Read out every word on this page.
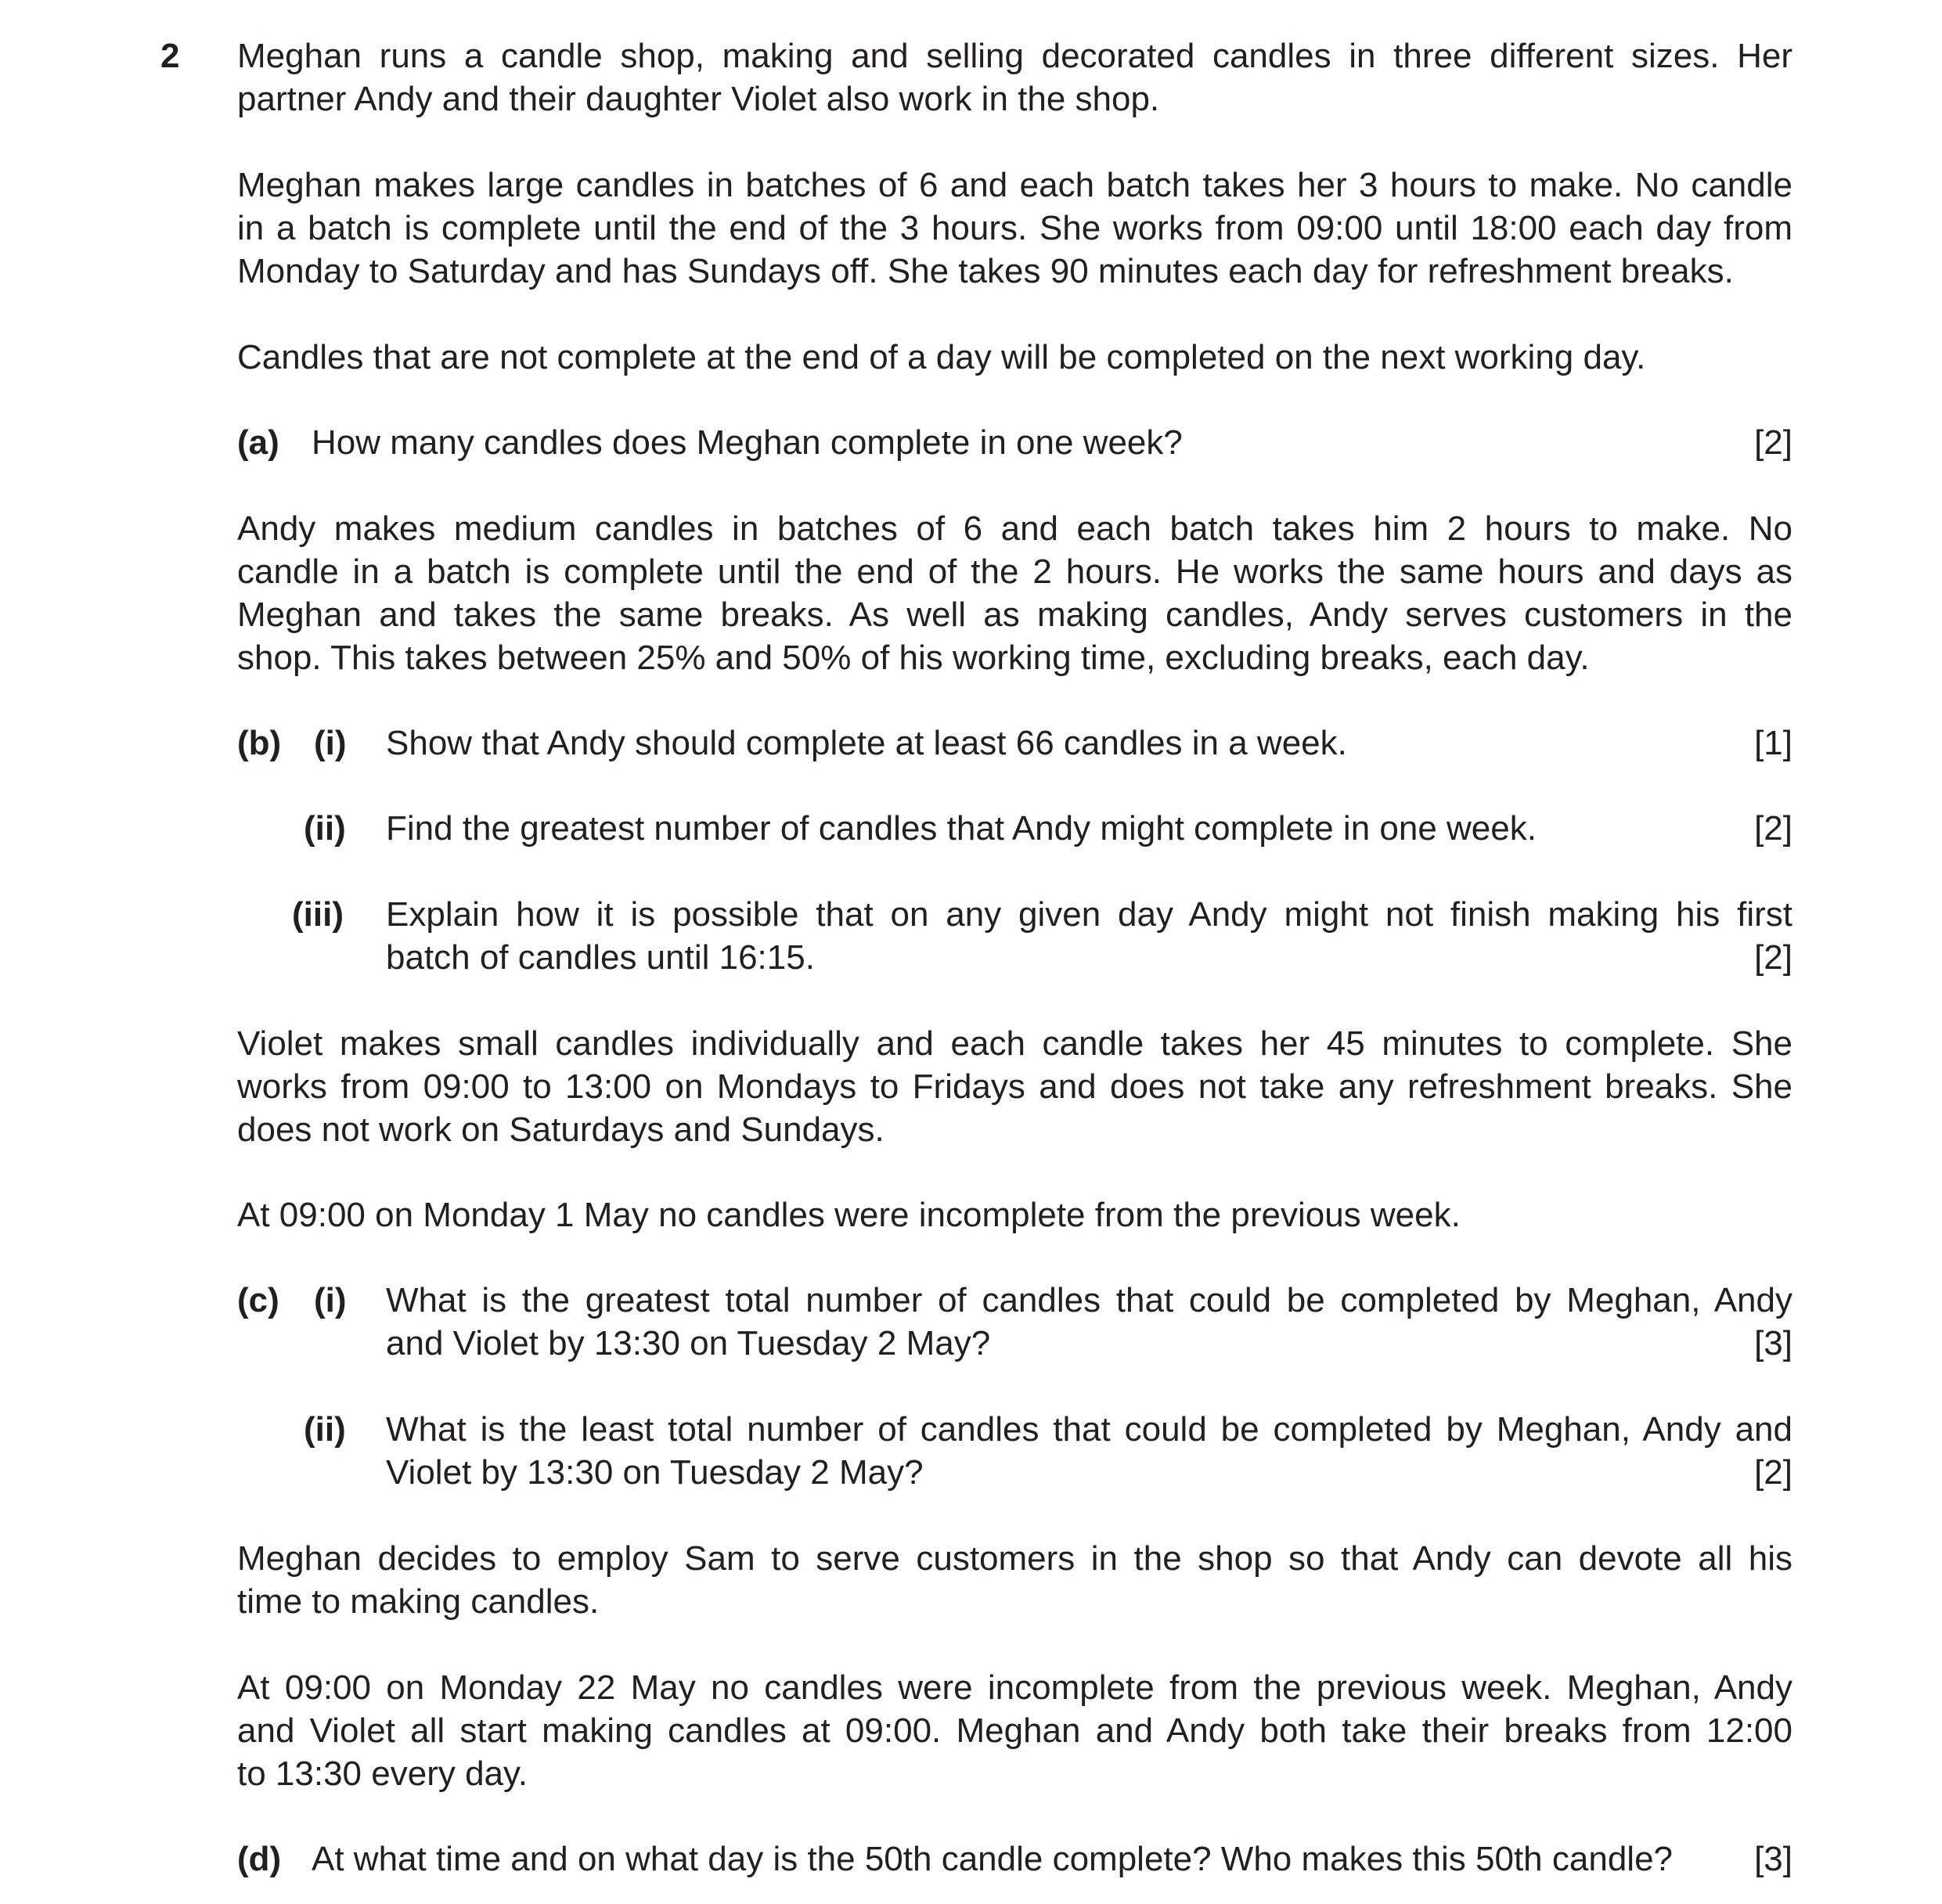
2 Meghan runs a candle shop, making and selling decorated candles in three different sizes. Her
partner Andy and their daughter Violet also work in the shop.
Meghan makes large candles in batches of 6 and each batch takes her 3 hours to make. No candle
in a batch is complete until the end of the 3 hours. She works from 09:00 until 18:00 each day from
Monday to Saturday and has Sundays off. She takes 90 minutes each day for refreshment breaks.
Candles that are not complete at the end of a day will be completed on the next working day.
(a) How many candles does Meghan complete in one week?	[2]
Andy makes medium candles in batches of 6 and each batch takes him 2 hours to make. No
candle in a batch is complete until the end of the 2 hours. He works the same hours and days as
Meghan and takes the same breaks. As well as making candles, Andy serves customers in the
shop. This takes between 25% and 50% of his working time, excluding breaks, each day.
(b) (i) Show that Andy should complete at least 66 candles in a week.	[1]
(ii) Find the greatest number of candles that Andy might complete in one week.	[2]
(iii) Explain how it is possible that on any given day Andy might not finish making his first
batch of candles until 16:15.	[2]
Violet makes small candles individually and each candle takes her 45 minutes to complete. She
works from 09:00 to 13:00 on Mondays to Fridays and does not take any refreshment breaks. She
does not work on Saturdays and Sundays.
At 09:00 on Monday 1 May no candles were incomplete from the previous week.
(c) (i) What is the greatest total number of candles that could be completed by Meghan, Andy
and Violet by 13:30 on Tuesday 2 May?	[3]
(ii) What is the least total number of candles that could be completed by Meghan, Andy and
Violet by 13:30 on Tuesday 2 May?	[2]
Meghan decides to employ Sam to serve customers in the shop so that Andy can devote all his
time to making candles.
At 09:00 on Monday 22 May no candles were incomplete from the previous week. Meghan, Andy
and Violet all start making candles at 09:00. Meghan and Andy both take their breaks from 12:00
to 13:30 every day.
(d) At what time and on what day is the 50th candle complete? Who makes this 50th candle? [3]
